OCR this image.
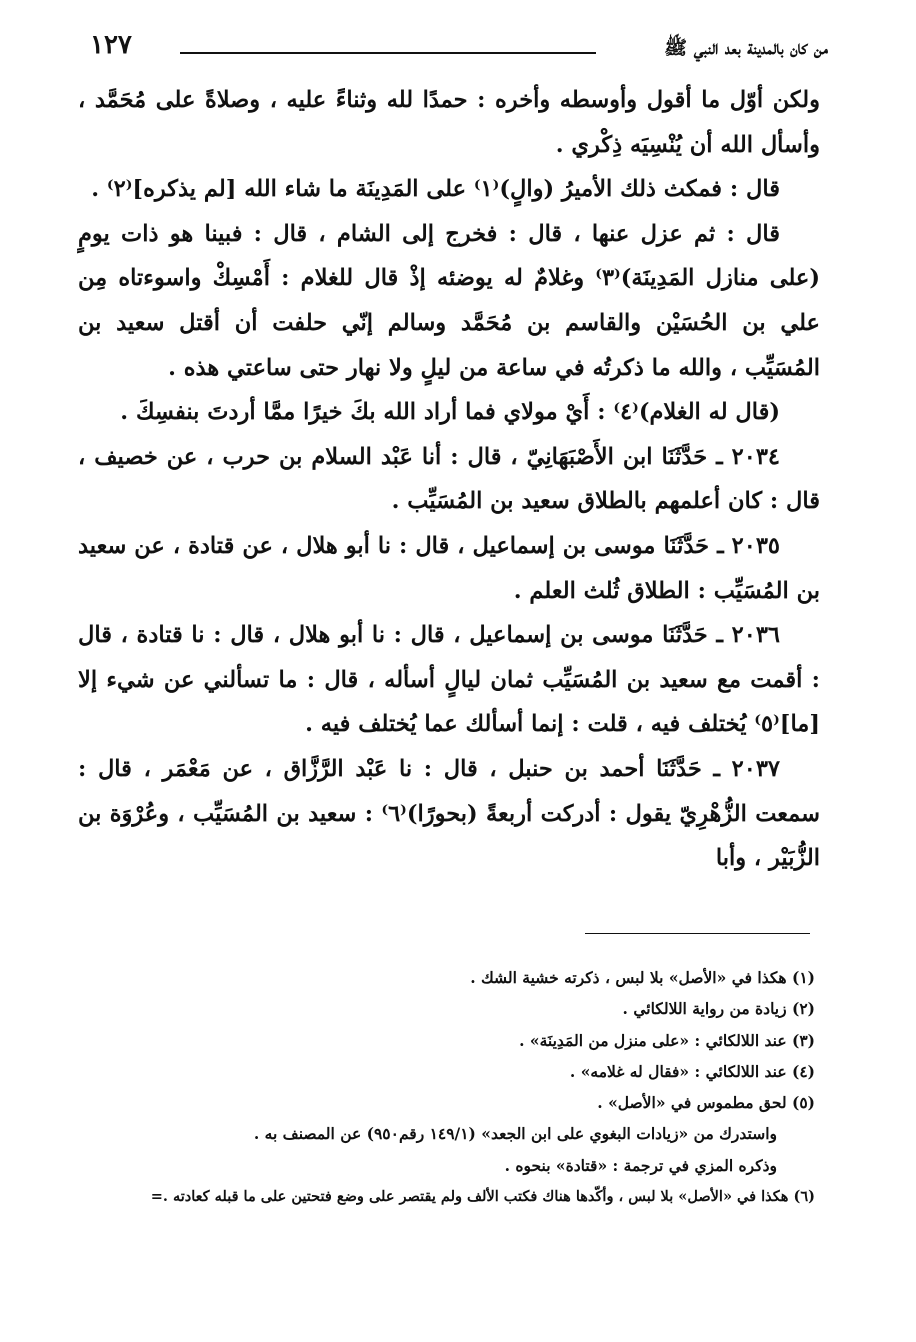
١٢٧	من كان بالمدينة بعد النبي ﷺ

ولكن أوّل ما أقول وأوسطه وأخره : حمدًا لله وثناءً عليه ، وصلاةً على مُحَمَّد ، وأسأل الله أن يُنْسِيَه ذِكْري .

قال : فمكث ذلك الأميرُ (والٍ)⁽١⁾ على المَدِينَة ما شاء الله [لم يذكره]⁽٢⁾ .

قال : ثم عزل عنها ، قال : فخرج إلى الشام ، قال : فبينا هو ذات يومٍ (على منازل المَدِينَة)⁽٣⁾ وغلامٌ له يوضئه إذْ قال للغلام : أَمْسِكْ واسوءتاه مِن علي بن الحُسَيْن والقاسم بن مُحَمَّد وسالم إنّي حلفت أن أقتل سعيد بن المُسَيِّب ، والله ما ذكرتُه في ساعة من ليلٍ ولا نهار حتى ساعتي هذه .

(قال له الغلام)⁽٤⁾ : أَيْ مولاي فما أراد الله بكَ خيرًا ممَّا أردتَ بنفسِكَ .

٢٠٣٤ ـ حَدَّثَنَا ابن الأَصْبَهَانِيّ ، قال : أنا عَبْد السلام بن حرب ، عن خصيف ، قال : كان أعلمهم بالطلاق سعيد بن المُسَيِّب .

٢٠٣٥ ـ حَدَّثَنَا موسى بن إسماعيل ، قال : نا أبو هلال ، عن قتادة ، عن سعيد بن المُسَيِّب : الطلاق ثُلث العلم .

٢٠٣٦ ـ حَدَّثَنَا موسى بن إسماعيل ، قال : نا أبو هلال ، قال : نا قتادة ، قال : أقمت مع سعيد بن المُسَيِّب ثمان ليالٍ أسأله ، قال : ما تسألني عن شيء إلا [ما]⁽٥⁾ يُختلف فيه ، قلت : إنما أسألك عما يُختلف فيه .

٢٠٣٧ ـ حَدَّثَنَا أحمد بن حنبل ، قال : نا عَبْد الرَّزَّاق ، عن مَعْمَر ، قال : سمعت الزُّهْرِيّ يقول : أدركت أربعةً (بحورًا)⁽٦⁾ : سعيد بن المُسَيِّب ، وعُرْوَة بن الزُّبَيْر ، وأبا

(١) هكذا في «الأصل» بلا لبس ، ذكرته خشية الشك .

(٢) زيادة من رواية اللالكائي .

(٣) عند اللالكائي : «على منزل من المَدِينَة» .

(٤) عند اللالكائي : «فقال له غلامه» .

(٥) لحق مطموس في «الأصل» .

واستدرك من «زيادات البغوي على ابن الجعد» (١٤٩/١ رقم٩٥٠) عن المصنف به .

وذكره المزي في ترجمة : «قتادة» بنحوه .

(٦) هكذا في «الأصل» بلا لبس ، وأكّدها هناك فكتب الألف ولم يقتصر على وضع فتحتين على ما قبله كعادته .=
